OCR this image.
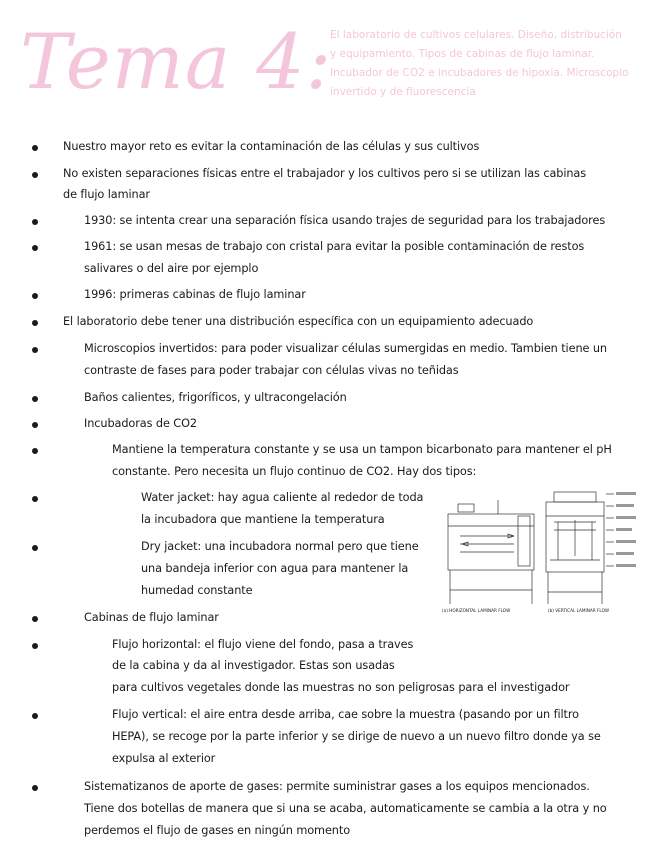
Tema 4:
El laboratorio de cultivos celulares. Diseño, distribución y equipamiento. Tipos de cabinas de flujo laminar. Incubador de CO2 e incubadores de hipoxia. Microscopio invertido y de fluorescencia
Nuestro mayor reto es evitar la contaminación de las células y sus cultivos
No existen separaciones físicas entre el trabajador y los cultivos pero si se utilizan las cabinas
de flujo laminar
1930: se intenta crear una separación física usando trajes de seguridad para los trabajadores
1961: se usan mesas de trabajo con cristal para evitar la posible contaminación de restos
salivares o del aire por ejemplo
1996: primeras cabinas de flujo laminar
El laboratorio debe tener una distribución específica con un equipamiento adecuado
Microscopios invertidos: para poder visualizar células sumergidas en medio. Tambien tiene un
contraste de fases para poder trabajar con células vivas no teñidas
Baños calientes, frigoríficos, y ultracongelación
Incubadoras de CO2
Mantiene la temperatura constante y se usa un tampon bicarbonato para mantener el pH
constante. Pero necesita un flujo continuo de CO2. Hay dos tipos:
Water jacket: hay agua caliente al rededor de toda
la incubadora que mantiene la temperatura
Dry jacket: una incubadora normal pero que tiene
una bandeja inferior con agua para mantener la
humedad constante
Cabinas de flujo laminar
Flujo horizontal: el flujo viene del fondo, pasa a traves
de la cabina y da al investigador. Estas son usadas
para cultivos vegetales donde las muestras no son peligrosas para el investigador
Flujo vertical: el aire entra desde arriba, cae sobre la muestra (pasando por un filtro
HEPA), se recoge por la parte inferior y se dirige de nuevo a un nuevo filtro donde ya se
expulsa al exterior
Sistematizanos de aporte de gases: permite suministrar gases a los equipos mencionados.
Tiene dos botellas de manera que si una se acaba, automaticamente se cambia a la otra y no
perdemos el flujo de gases en ningún momento
(a) HORIZONTAL LAMINAR FLOW	(b) VERTICAL LAMINAR FLOW
